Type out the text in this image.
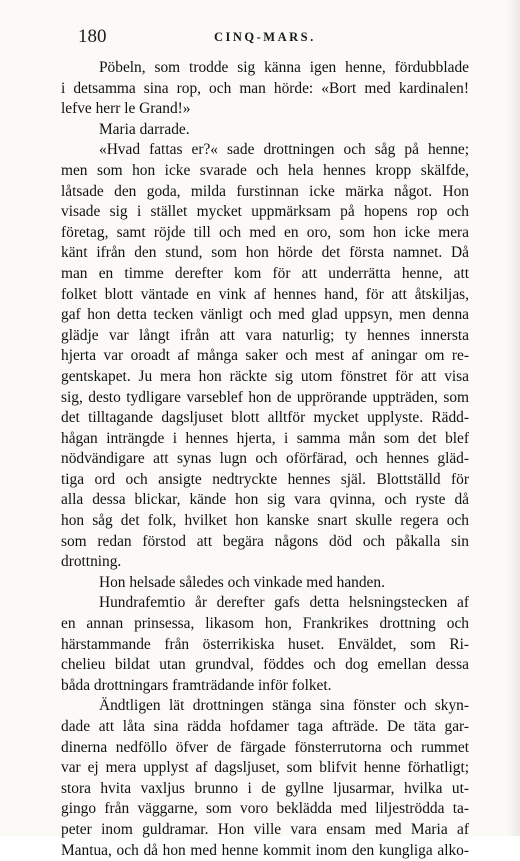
180	CINQ-MARS.
Pöbeln, som trodde sig känna igen henne, fördubblade
i detsamma sina rop, och man hörde: «Bort med kardinalen!
lefve herr le Grand!»
Maria darrade.
«Hvad fattas er?« sade drottningen och såg på henne;
men som hon icke svarade och hela hennes kropp skälfde,
låtsade den goda, milda furstinnan icke märka något. Hon
visade sig i stället mycket uppmärksam på hopens rop och
företag, samt röjde till och med en oro, som hon icke mera
känt ifrån den stund, som hon hörde det första namnet. Då
man en timme derefter kom för att underrätta henne, att
folket blott väntade en vink af hennes hand, för att åtskiljas,
gaf hon detta tecken vänligt och med glad uppsyn, men denna
glädje var långt ifrån att vara naturlig; ty hennes innersta
hjerta var oroadt af många saker och mest af aningar om re-
gentskapet. Ju mera hon räckte sig utom fönstret för att visa
sig, desto tydligare varseblef hon de upprörande uppträden, som
det tilltagande dagsljuset blott alltför mycket upplyste. Rädd-
hågan inträngde i hennes hjerta, i samma mån som det blef
nödvändigare att synas lugn och oförfärad, och hennes gläd-
tiga ord och ansigte nedtryckte hennes själ. Blottställd för
alla dessa blickar, kände hon sig vara qvinna, och ryste då
hon såg det folk, hvilket hon kanske snart skulle regera och
som redan förstod att begära någons död och påkalla sin
drottning.
Hon helsade således och vinkade med handen.
Hundrafemtio år derefter gafs detta helsningstecken af
en annan prinsessa, likasom hon, Frankrikes drottning och
härstammande från österrikiska huset. Enväldet, som Ri-
chelieu bildat utan grundval, föddes och dog emellan dessa
båda drottningars framträdande inför folket.
Ändtligen lät drottningen stänga sina fönster och skyn-
dade att låta sina rädda hofdamer taga afträde. De täta gar-
dinerna nedföllo öfver de färgade fönsterrutorna och rummet
var ej mera upplyst af dagsljuset, som blifvit henne förhatligt;
stora hvita vaxljus brunno i de gyllne ljusarmar, hvilka ut-
gingo från väggarne, som voro beklädda med liljeströdda ta-
peter inom guldramar. Hon ville vara ensam med Maria af
Mantua, och då hon med henne kommit inom den kungliga alko-
